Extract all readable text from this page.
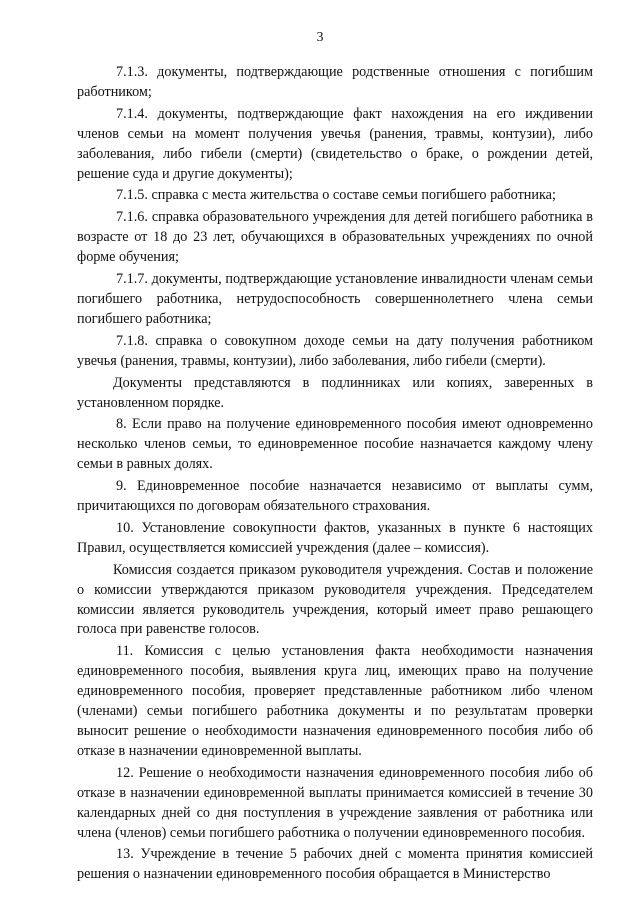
3

7.1.3. документы, подтверждающие родственные отношения с погибшим работником;

7.1.4. документы, подтверждающие факт нахождения на его иждивении членов семьи на момент получения увечья (ранения, травмы, контузии), либо заболевания, либо гибели (смерти) (свидетельство о браке, о рождении детей, решение суда и другие документы);

7.1.5. справка с места жительства о составе семьи погибшего работника;

7.1.6. справка образовательного учреждения для детей погибшего работника в возрасте от 18 до 23 лет, обучающихся в образовательных учреждениях по очной форме обучения;

7.1.7. документы, подтверждающие установление инвалидности членам семьи погибшего работника, нетрудоспособность совершеннолетнего члена семьи погибшего работника;

7.1.8. справка о совокупном доходе семьи на дату получения работником увечья (ранения, травмы, контузии), либо заболевания, либо гибели (смерти).

Документы представляются в подлинниках или копиях, заверенных в установленном порядке.

8. Если право на получение единовременного пособия имеют одновременно несколько членов семьи, то единовременное пособие назначается каждому члену семьи в равных долях.

9. Единовременное пособие назначается независимо от выплаты сумм, причитающихся по договорам обязательного страхования.

10. Установление совокупности фактов, указанных в пункте 6 настоящих Правил, осуществляется комиссией учреждения (далее – комиссия).

Комиссия создается приказом руководителя учреждения. Состав и положение о комиссии утверждаются приказом руководителя учреждения. Председателем комиссии является руководитель учреждения, который имеет право решающего голоса при равенстве голосов.

11. Комиссия с целью установления факта необходимости назначения единовременного пособия, выявления круга лиц, имеющих право на получение единовременного пособия, проверяет представленные работником либо членом (членами) семьи погибшего работника документы и по результатам проверки выносит решение о необходимости назначения единовременного пособия либо об отказе в назначении единовременной выплаты.

12. Решение о необходимости назначения единовременного пособия либо об отказе в назначении единовременной выплаты принимается комиссией в течение 30 календарных дней со дня поступления в учреждение заявления от работника или члена (членов) семьи погибшего работника о получении единовременного пособия.

13. Учреждение в течение 5 рабочих дней с момента принятия комиссией решения о назначении единовременного пособия обращается в Министерство
